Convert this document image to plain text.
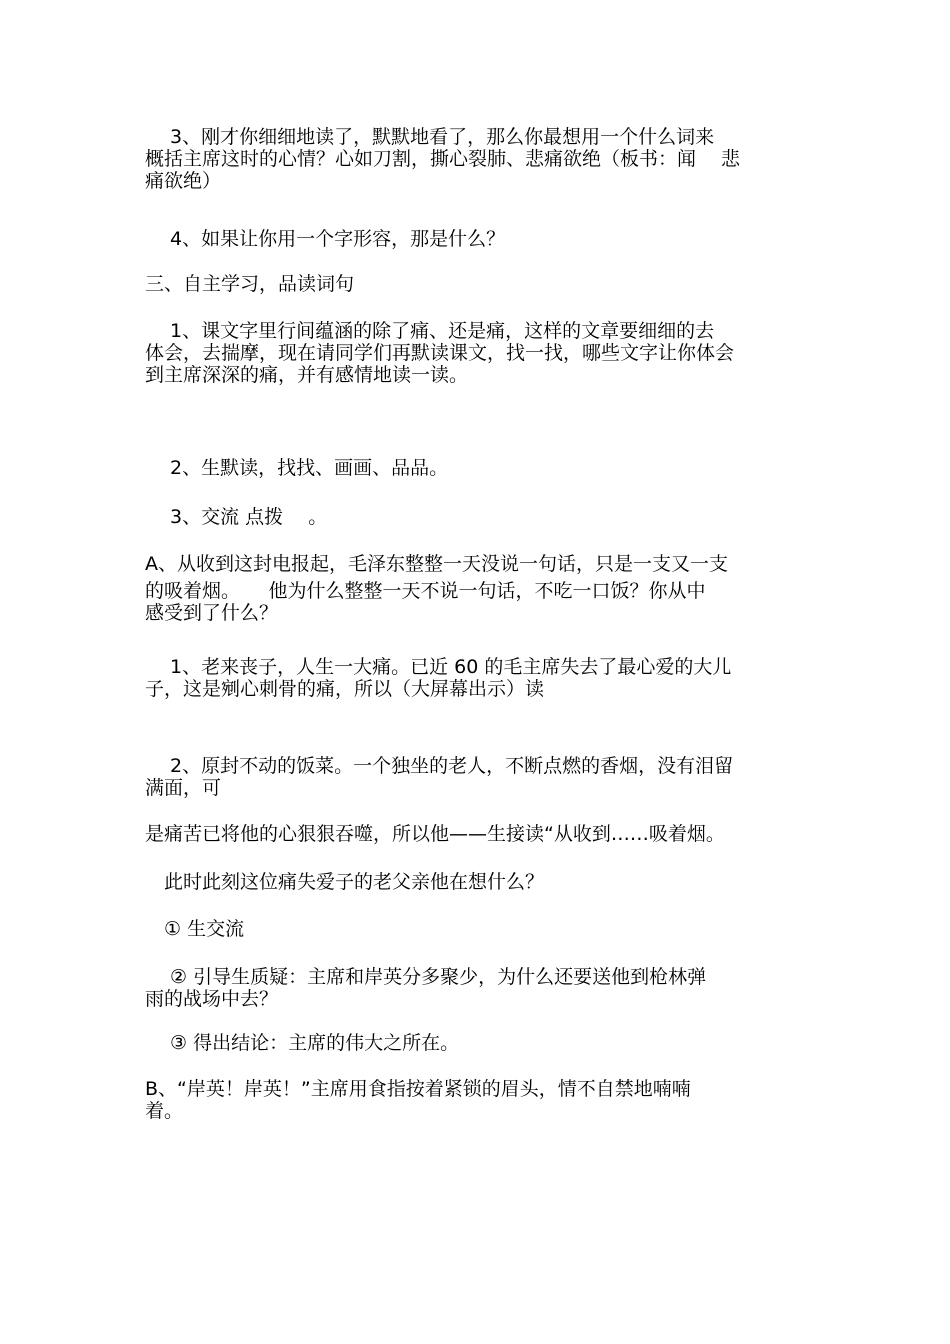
　 3、刚才你细细地读了，默默地看了，那么你最想用一个什么词来
概括主席这时的心情？心如刀割，撕心裂肺、悲痛欲绝（板书：闻　 悲
痛欲绝）

　 4、如果让你用一个字形容，那是什么？

三、自主学习，品读词句

　 1、课文字里行间蕴涵的除了痛、还是痛，这样的文章要细细的去
体会，去揣摩，现在请同学们再默读课文，找一找，哪些文字让你体会
到主席深深的痛，并有感情地读一读。

　 2、生默读，找找、画画、品品。

　 3、交流 点拨　 。

A、从收到这封电报起，毛泽东整整一天没说一句话，只是一支又一支
的吸着烟。　　他为什么整整一天不说一句话，不吃一口饭？你从中
感受到了什么？

　 1、老来丧子，人生一大痛。已近 60 的毛主席失去了最心爱的大儿
子，这是剜心刺骨的痛，所以（大屏幕出示）读

　 2、原封不动的饭菜。一个独坐的老人，不断点燃的香烟，没有泪留
满面，可

是痛苦已将他的心狠狠吞噬，所以他——生接读“从收到……吸着烟。

　此时此刻这位痛失爱子的老父亲他在想什么？

　① 生交流

　 ② 引导生质疑：主席和岸英分多聚少，为什么还要送他到枪林弹
雨的战场中去？

　 ③ 得出结论：主席的伟大之所在。

B、“岸英！岸英！”主席用食指按着紧锁的眉头，情不自禁地喃喃
着。
